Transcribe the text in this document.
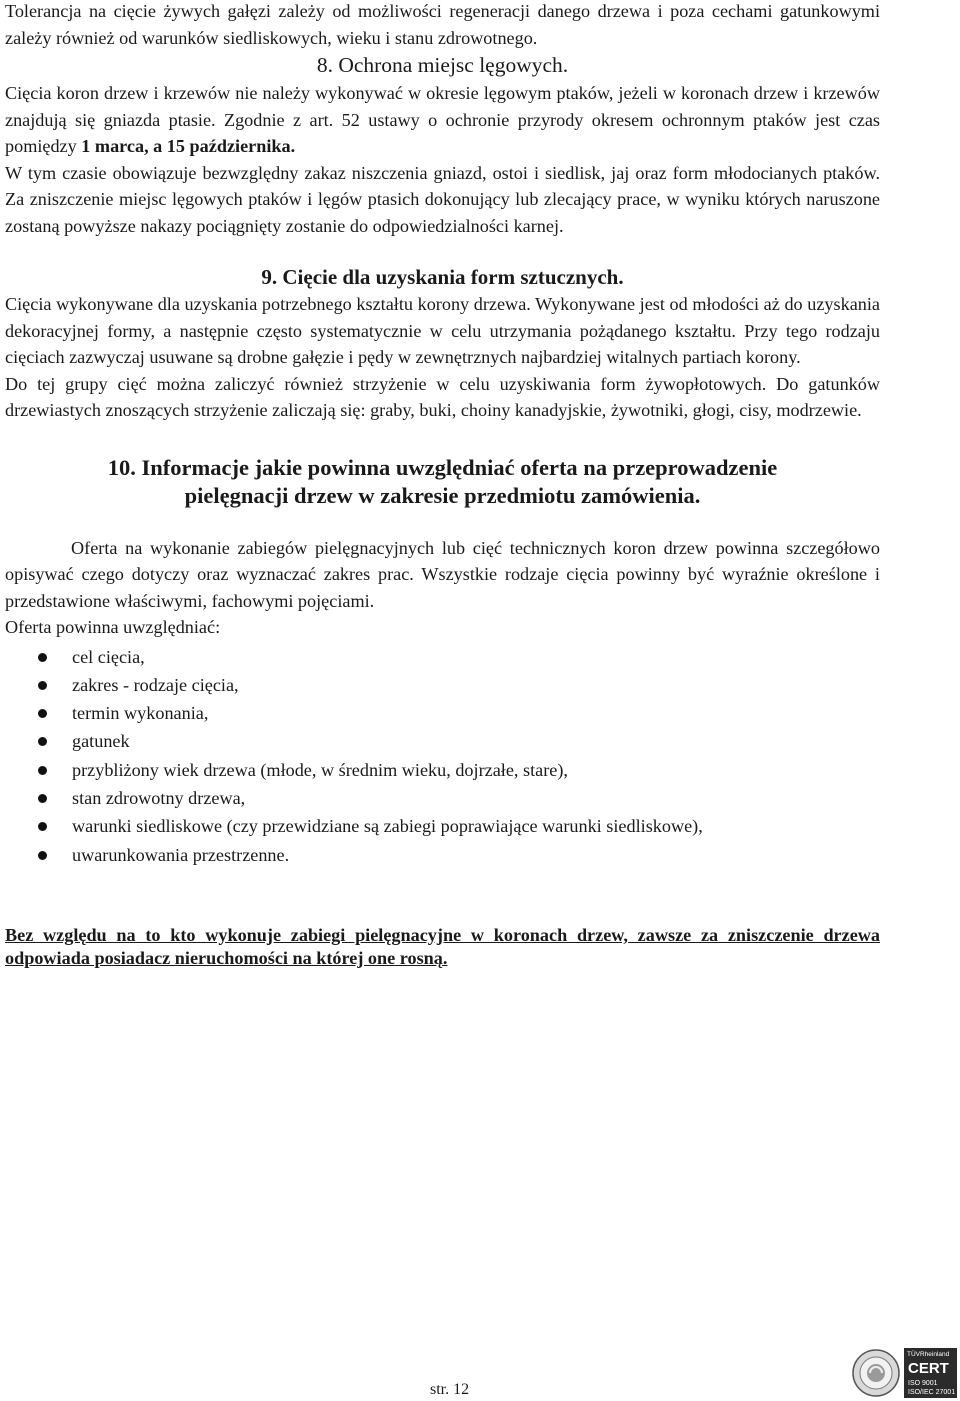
Tolerancja na cięcie żywych gałęzi zależy od możliwości regeneracji danego drzewa i poza cechami gatunkowymi zależy również od warunków siedliskowych, wieku i stanu zdrowotnego.

8. Ochrona miejsc lęgowych.

Cięcia koron drzew i krzewów nie należy wykonywać w okresie lęgowym ptaków, jeżeli w koronach drzew i krzewów znajdują się gniazda ptasie. Zgodnie z art. 52 ustawy o ochronie przyrody okresem ochronnym ptaków jest czas pomiędzy 1 marca, a 15 października.

W tym czasie obowiązuje bezwzględny zakaz niszczenia gniazd, ostoi i siedlisk, jaj oraz form młodocianych ptaków. Za zniszczenie miejsc lęgowych ptaków i lęgów ptasich dokonujący lub zlecający prace, w wyniku których naruszone zostaną powyższe nakazy pociągnięty zostanie do odpowiedzialności karnej.

9. Cięcie dla uzyskania form sztucznych.

Cięcia wykonywane dla uzyskania potrzebnego kształtu korony drzewa. Wykonywane jest od młodości aż do uzyskania dekoracyjnej formy, a następnie często systematycznie w celu utrzymania pożądanego kształtu. Przy tego rodzaju cięciach zazwyczaj usuwane są drobne gałęzie i pędy w zewnętrznych najbardziej witalnych partiach korony.

Do tej grupy cięć można zaliczyć również strzyżenie w celu uzyskiwania form żywopłotowych. Do gatunków drzewiastych znoszących strzyżenie zaliczają się: graby, buki, choiny kanadyjskie, żywotniki, głogi, cisy, modrzewie.

10. Informacje jakie powinna uwzględniać oferta na przeprowadzenie

pielęgnacji drzew w zakresie przedmiotu zamówienia.

Oferta na wykonanie zabiegów pielęgnacyjnych lub cięć technicznych koron drzew powinna szczegółowo opisywać czego dotyczy oraz wyznaczać zakres prac. Wszystkie rodzaje cięcia powinny być wyraźnie określone i przedstawione właściwymi, fachowymi pojęciami.

Oferta powinna uwzględniać:

cel cięcia,
zakres - rodzaje cięcia,
termin wykonania,
gatunek
przybliżony wiek drzewa (młode, w średnim wieku, dojrzałe, stare),
stan zdrowotny drzewa,
warunki siedliskowe (czy przewidziane są zabiegi poprawiające warunki siedliskowe),
uwarunkowania przestrzenne.

Bez względu na to kto wykonuje zabiegi pielęgnacyjne w koronach drzew, zawsze za zniszczenie drzewa odpowiada posiadacz nieruchomości na której one rosną.

str. 12
TÜVRheinland
CERT
ISO 9001
ISO/IEC 27001
